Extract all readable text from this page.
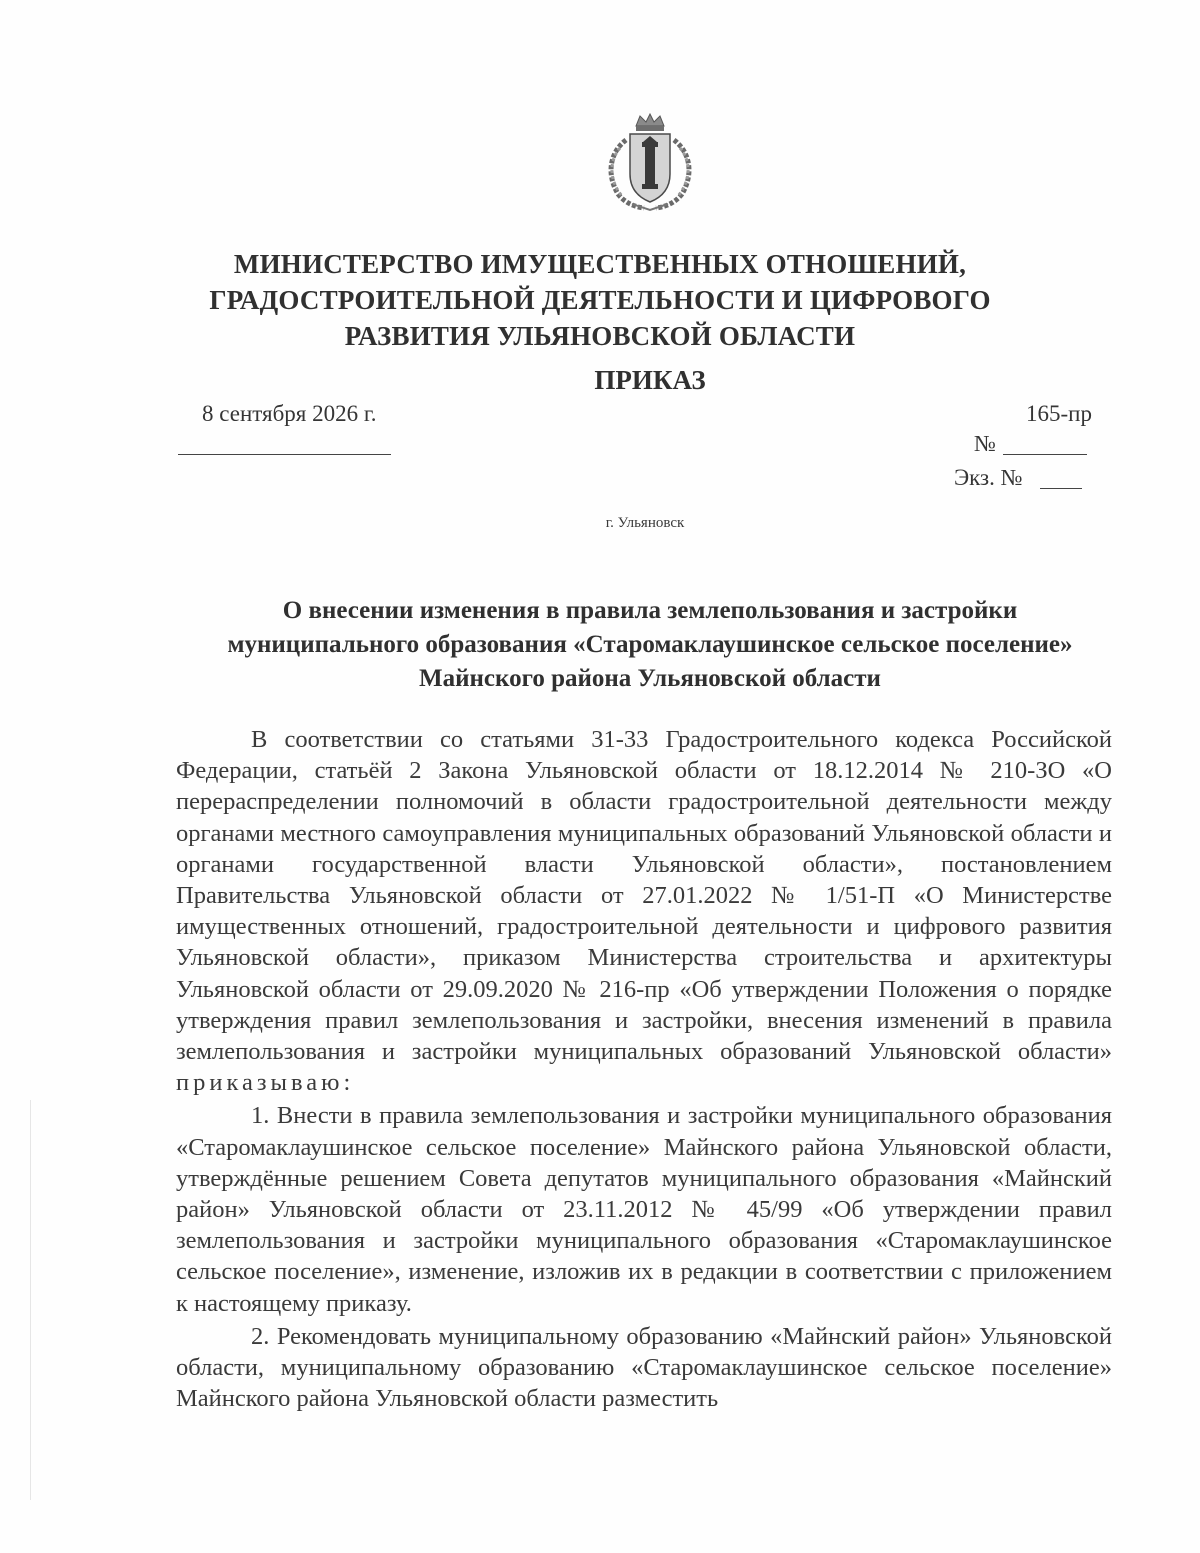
МИНИСТЕРСТВО ИМУЩЕСТВЕННЫХ ОТНОШЕНИЙ,
ГРАДОСТРОИТЕЛЬНОЙ ДЕЯТЕЛЬНОСТИ И ЦИФРОВОГО
РАЗВИТИЯ УЛЬЯНОВСКОЙ ОБЛАСТИ
ПРИКАЗ
8 сентября 2026 г.	165-пр
№
Экз. №
г. Ульяновск
О внесении изменения в правила землепользования и застройки
муниципального образования «Старомаклаушинское сельское поселение»
Майнского района Ульяновской области

В соответствии со статьями 31-33 Градостроительного кодекса Российской Федерации, статьёй 2 Закона Ульяновской области от 18.12.2014 № 210-ЗО «О перераспределении полномочий в области градостроительной деятельности между органами местного самоуправления муниципальных образований Ульяновской области и органами государственной власти Ульяновской области», постановлением Правительства Ульяновской области от 27.01.2022 № 1/51-П «О Министерстве имущественных отношений, градостроительной деятельности и цифрового развития Ульяновской области», приказом Министерства строительства и архитектуры Ульяновской области от 29.09.2020 № 216-пр «Об утверждении Положения о порядке утверждения правил землепользования и застройки, внесения изменений в правила землепользования и застройки муниципальных образований Ульяновской области» приказываю:

1. Внести в правила землепользования и застройки муниципального образования «Старомаклаушинское сельское поселение» Майнского района Ульяновской области, утверждённые решением Совета депутатов муниципального образования «Майнский район» Ульяновской области от 23.11.2012 № 45/99 «Об утверждении правил землепользования и застройки муниципального образования «Старомаклаушинское сельское поселение», изменение, изложив их в редакции в соответствии с приложением к настоящему приказу.

2. Рекомендовать муниципальному образованию «Майнский район» Ульяновской области, муниципальному образованию «Старомаклаушинское сельское поселение» Майнского района Ульяновской области разместить
